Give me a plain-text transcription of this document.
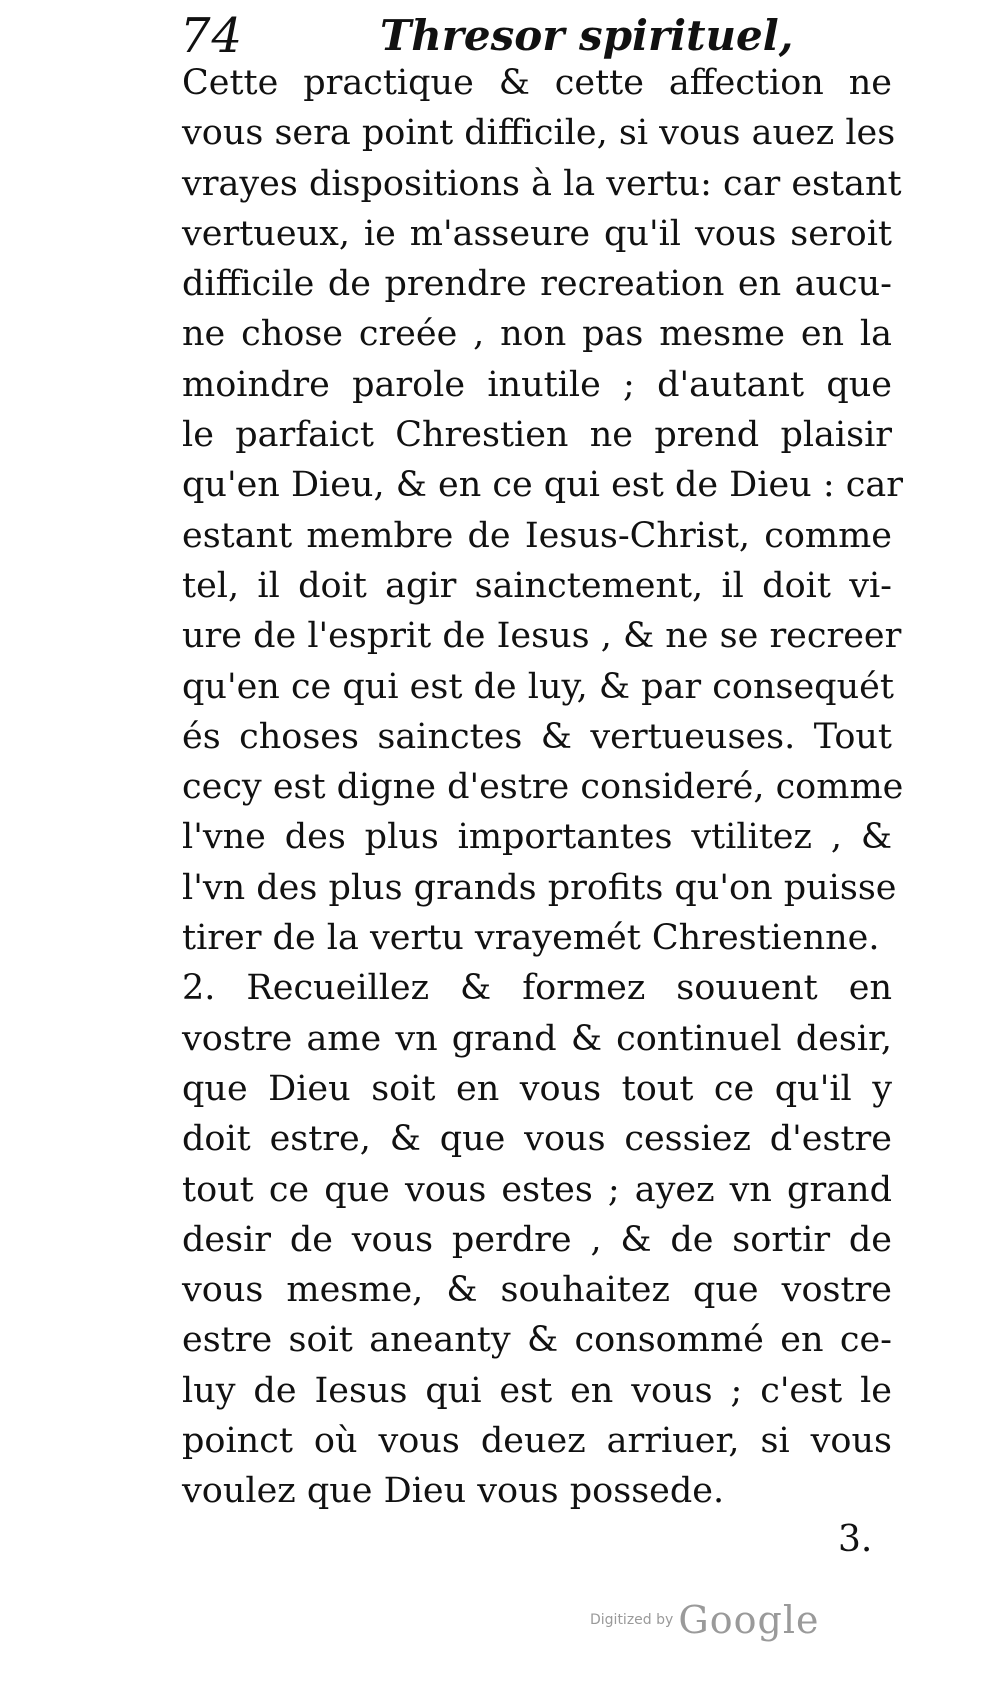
74	Thresor spirituel,
Cette practique & cette affection ne
vous sera point difficile, si vous auez les
vrayes dispositions à la vertu: car estant
vertueux, ie m'asseure qu'il vous seroit
difficile de prendre recreation en aucu-
ne chose creée , non pas mesme en la
moindre parole inutile ; d'autant que
le parfaict Chrestien ne prend plaisir
qu'en Dieu, & en ce qui est de Dieu : car
estant membre de Iesus-Christ, comme
tel, il doit agir sainctement, il doit vi-
ure de l'esprit de Iesus , & ne se recreer
qu'en ce qui est de luy, & par consequét
és choses sainctes & vertueuses. Tout
cecy est digne d'estre consideré, comme
l'vne des plus importantes vtilitez , &
l'vn des plus grands profits qu'on puisse
tirer de la vertu vrayemét Chrestienne.
2. Recueillez & formez souuent en
vostre ame vn grand & continuel desir,
que Dieu soit en vous tout ce qu'il y
doit estre, & que vous cessiez d'estre
tout ce que vous estes ; ayez vn grand
desir de vous perdre , & de sortir de
vous mesme, & souhaitez que vostre
estre soit aneanty & consommé en ce-
luy de Iesus qui est en vous ; c'est le
poinct où vous deuez arriuer, si vous
voulez que Dieu vous possede.
3.
Digitized by Google
